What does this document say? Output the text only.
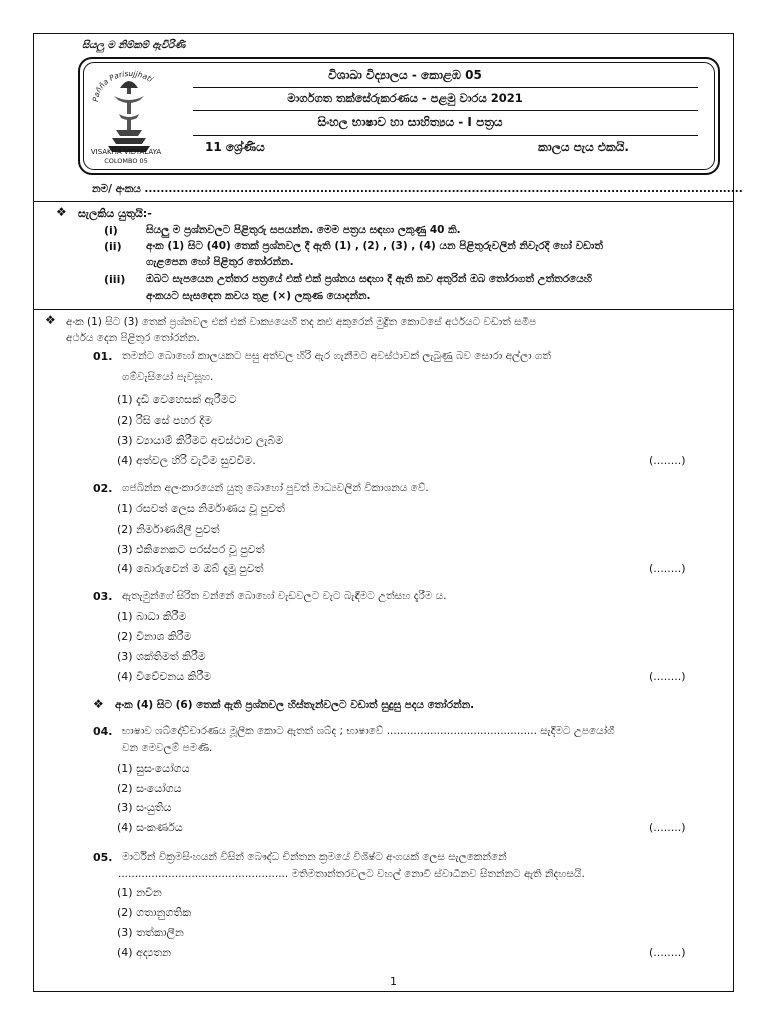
සියලු ම නිම්කම් ඇවිරිණි
Pañña Parisujjhati
VISAKHA VIDYALAYA
COLOMBO 05
විශාඛා විද්‍යාලය - කොළඹ 05
මාර්ගගත තක්සේරුකරණය - පළමු වාරය 2021
සිංහල භාෂාව හා සාහිත්‍යය - I පත්‍රය
11 ශ්‍රේණිය	කාලය පැය එකයි.
නම/ අංකය ......................................................................................................................................................
❖ සැලකිය යුතුයි:-
(i)	සියලු ම ප්‍රශ්නවලට පිළිතුරු සපයන්න. මෙම පත්‍රය සඳහා ලකුණු 40 කි.
(ii) අංක (1) සිට (40) තෙක් ප්‍රශ්නවල දී ඇති (1) , (2) , (3) , (4) යන පිළිතුරුවලින් නිවැරදි හෝ වඩාත්
ගැළපෙන හෝ පිළිතුර තෝරන්න.
(iii) ඔබට සැපයෙන උත්තර පත්‍රයේ එක් එක් ප්‍රශ්නය සඳහා දී ඇති කව අතුරින් ඔබ තෝරාගත් උත්තරයෙහි
අංකයට සැසඳෙන කවය තුළ (×) ලකුණ යොදන්න.
❖ අංක (1) සිට (3) තෙක් ප්‍රශ්නවල එක් එක් වාක්‍යයෙහි තද කළු අකුරෙන් මුද්‍රිත කොටසේ අර්ථයට වඩාත් සමීප
අර්ථය දෙන පිළිතුර තෝරන්න.
01. තමන්ට බොහෝ කාලයකට පසු අත්වල හිරි ඇර ගැනීමට අවස්ථාවක් ලැබුණු බව සොරා අල්ලා ගත්
ගම්වැසියෝ පැවසූහ.
(1) දැඩි වෙහෙසක් ඇරීමට
(2) රිසි සේ පහර දීම
(3) ව්‍යායාම් කිරීමට අවස්ථාව ලැබීම
(4) අත්වල හිරි වැටීම සුවවීම.	(........)
02. ගජබින්න අලංකාරයෙන් යුතු බොහෝ පුවත් මාධ්‍යවලින් විකාශනය වේ.
(1) රසවත් ලෙස නිර්මාණය වූ පුවත්
(2) නිර්මාණශීලී පුවත්
(3) එකිනෙකට පරස්පර වූ පුවත්
(4) බොරුවෙන් ම ඔබ් දැමූ පුවත්	(........)
03. ඇතැමුන්ගේ සිරිත වන්නේ බොහෝ වැඩවලට වැට බැඳීමට උත්සහ දැරීම ය.
(1) බාධා කිරීම
(2) විනාශ කිරීම
(3) ශක්තිමත් කිරීම
(4) විවේචනය කිරීම	(........)
❖ අංක (4) සිට (6) තෙක් ඇති ප්‍රශ්නවල හිස්තැන්වලට වඩාත් සුදුසු පදය තෝරන්න.
04. භාෂාව ශබ්දෝච්චාරණය මූලික කොට ඇතත් ශබ්ද ; භාෂාවේ ............................................. සැදීමට උපයෝගී
වන මෙවලම් පමණි.
(1) සුසංයෝගය
(2) සංයෝගය
(3) සංයුතිය
(4) සංකර්ණය	(........)
05. මාර්ටින් වික්‍රමසිංහයන් විසින් බෞද්ධ චින්තන ක්‍රමයේ විශිෂ්ට අංගයක් ලෙස සැලකෙන්නේ
................................................... මතිමතාන්තරවලට වහල් නොවී ස්වාධීනව සිතන්නට ඇති නිදහසයි.
(1) නවීන
(2) ගතානුගතික
(3) තත්කාලීන
(4) අද්‍යතන	(........)
1
